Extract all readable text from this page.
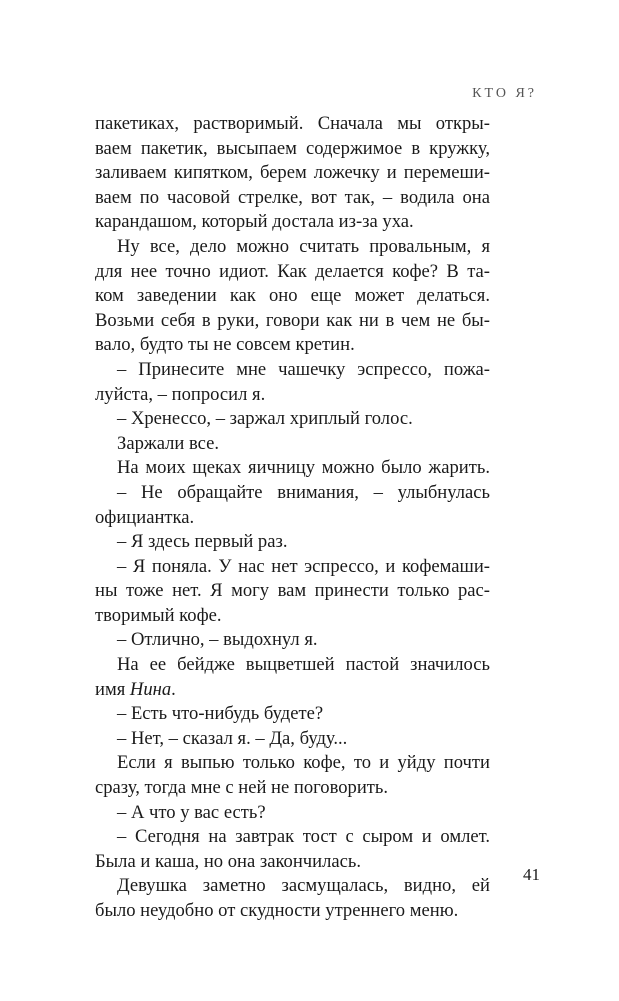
КТО Я?
пакетиках, растворимый. Сначала мы откры-
ваем пакетик, высыпаем содержимое в кружку,
заливаем кипятком, берем ложечку и перемеши-
ваем по часовой стрелке, вот так, – водила она
карандашом, который достала из-за уха.
Ну все, дело можно считать провальным, я
для нее точно идиот. Как делается кофе? В та-
ком заведении как оно еще может делаться.
Возьми себя в руки, говори как ни в чем не бы-
вало, будто ты не совсем кретин.
– Принесите мне чашечку эспрессо, пожа-
луйста, – попросил я.
– Хренессо, – заржал хриплый голос.
Заржали все.
На моих щеках яичницу можно было жарить.
– Не обращайте внимания, – улыбнулась
официантка.
– Я здесь первый раз.
– Я поняла. У нас нет эспрессо, и кофемаши-
ны тоже нет. Я могу вам принести только рас-
творимый кофе.
– Отлично, – выдохнул я.
На ее бейдже выцветшей пастой значилось
имя Нина.
– Есть что-нибудь будете?
– Нет, – сказал я. – Да, буду...
Если я выпью только кофе, то и уйду почти
сразу, тогда мне с ней не поговорить.
– А что у вас есть?
– Сегодня на завтрак тост с сыром и омлет.
Была и каша, но она закончилась.
Девушка заметно засмущалась, видно, ей
было неудобно от скудности утреннего меню.
41
